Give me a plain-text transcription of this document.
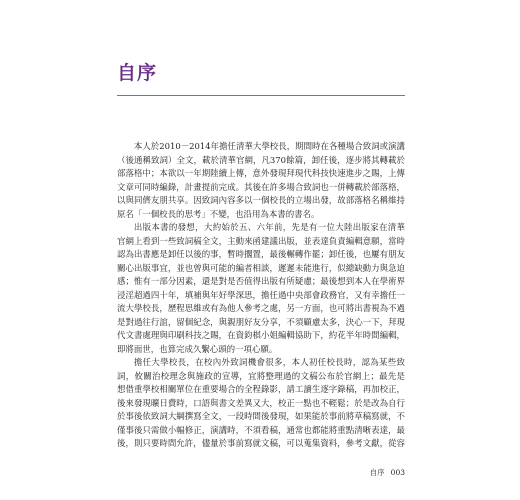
自序
本人於2010－2014年擔任清華大學校長，期間時在各種場合致詞或演講
（後通稱致詞）全文，載於清華官網，凡370餘篇，卸任後，逐步將其轉載於
部落格中；本欲以一年期陸續上傳，意外發現拜現代科技快速進步之賜，上傳
文章可同時編錄，計畫提前完成。其後在許多場合致詞也一併轉載於部落格，
以與同儕友朋共享。因致詞內容多以一個校長的立場出發，故部落格名稱維持
原名「一個校長的思考」不變，也沿用為本書的書名。
出版本書的發想，大約始於五、六年前，先是有一位大陸出版家在清華
官網上看到一些致詞稿全文，主動來函建議出版，並表達負責編輯意願，當時
認為出書應是卸任以後的事，暫時擱置，最後輾轉作罷；卸任後，也屢有朋友
關心出版事宜，並也曾與可能的編者相談，遲遲未能進行，似總缺動力與急迫
感；惟有一部分因素，還是對是否值得出版有所疑慮；最後想到本人在學術界
浸淫超過四十年，填補與年好學深思，擔任過中央部會政務官，又有幸擔任一
流大學校長，歷程思維或有為他人參考之處，另一方面，也可將出書視為不過
是對過往行誼，留個紀念，與親朋好友分享，不須顧慮太多，決心一下，拜現
代文書處理與印刷科技之賜，在資鈞棋小姐編輯協助下，約花半年時間編輯，
即將面世，也算完成久繫心頭的一項心願。
擔任大學校長，在校內外致詞機會很多，本人初任校長時，認為某些致
詞，攸關治校理念與施政的宣導，宜將整理過的文稿公布於官網上；最先是
想借重學校相關單位在重要場合的全程錄影，請工讀生逐字錄稿，再加校正，
後來發現曠日費時，口語與書文差異又大，校正一點也不輕鬆；於是改為自行
於事後依致詞大綱撰寫全文，一段時間後發現，如果能於事前將草稿寫就，不
僅事後只需做小幅修正，演講時，不須看稿，通常也都能將重點清晰表達，最
後，則只要時間允許，儘量於事前寫就文稿，可以蒐集資料，參考文獻，從容
自序 003
